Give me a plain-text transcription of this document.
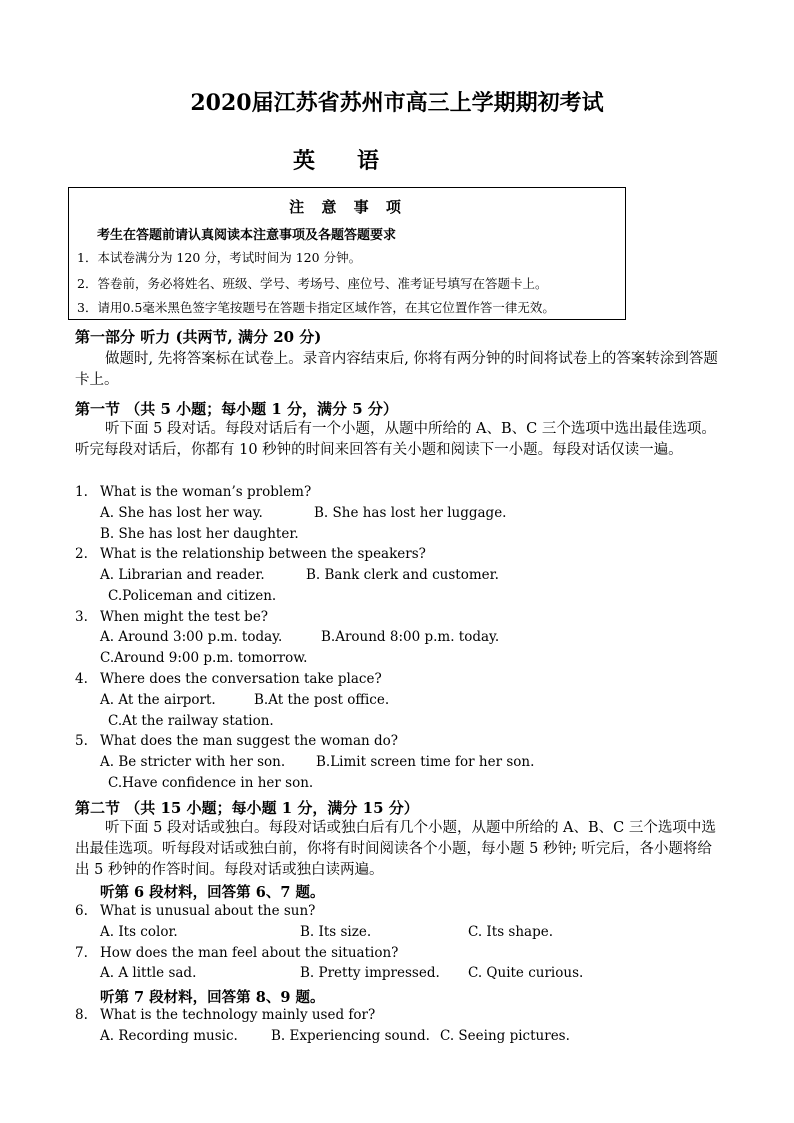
2020届江苏省苏州市高三上学期期初考试
英 语
注 意 事 项
考生在答题前请认真阅读本注意事项及各题答题要求
1．本试卷满分为 120 分，考试时间为 120 分钟。
2．答卷前，务必将姓名、班级、学号、考场号、座位号、准考证号填写在答题卡上。
3．请用0.5毫米黑色签字笔按题号在答题卡指定区域作答，在其它位置作答一律无效。
第一部分 听力 (共两节, 满分 20 分)
做题时, 先将答案标在试卷上。录音内容结束后, 你将有两分钟的时间将试卷上的答案转涂到答题卡上。
第一节 （共 5 小题；每小题 1 分，满分 5 分）
听下面 5 段对话。每段对话后有一个小题，从题中所给的 A、B、C 三个选项中选出最佳选项。听完每段对话后，你都有 10 秒钟的时间来回答有关小题和阅读下一小题。每段对话仅读一遍。
1. What is the woman’s problem?
A. She has lost her way.	B. She has lost her luggage.
B. She has lost her daughter.
2. What is the relationship between the speakers?
A. Librarian and reader.	B. Bank clerk and customer.
C.Policeman and citizen.
3. When might the test be?
A. Around 3:00 p.m. today.	B.Around 8:00 p.m. today.
C.Around 9:00 p.m. tomorrow.
4. Where does the conversation take place?
A. At the airport.	B.At the post office.
C.At the railway station.
5. What does the man suggest the woman do?
A. Be stricter with her son. B.Limit screen time for her son.
C.Have confidence in her son.
第二节 （共 15 小题；每小题 1 分，满分 15 分）
听下面 5 段对话或独白。每段对话或独白后有几个小题，从题中所给的 A、B、C 三个选项中选出最佳选项。听每段对话或独白前，你将有时间阅读各个小题，每小题 5 秒钟; 听完后，各小题将给出 5 秒钟的作答时间。每段对话或独白读两遍。
听第 6 段材料，回答第 6、7 题。
6. What is unusual about the sun?
A. Its color.	B. Its size.	C. Its shape.
7. How does the man feel about the situation?
A. A little sad.	B. Pretty impressed. C. Quite curious.
听第 7 段材料，回答第 8、9 题。
8. What is the technology mainly used for?
A. Recording music. B. Experiencing sound. C. Seeing pictures.
